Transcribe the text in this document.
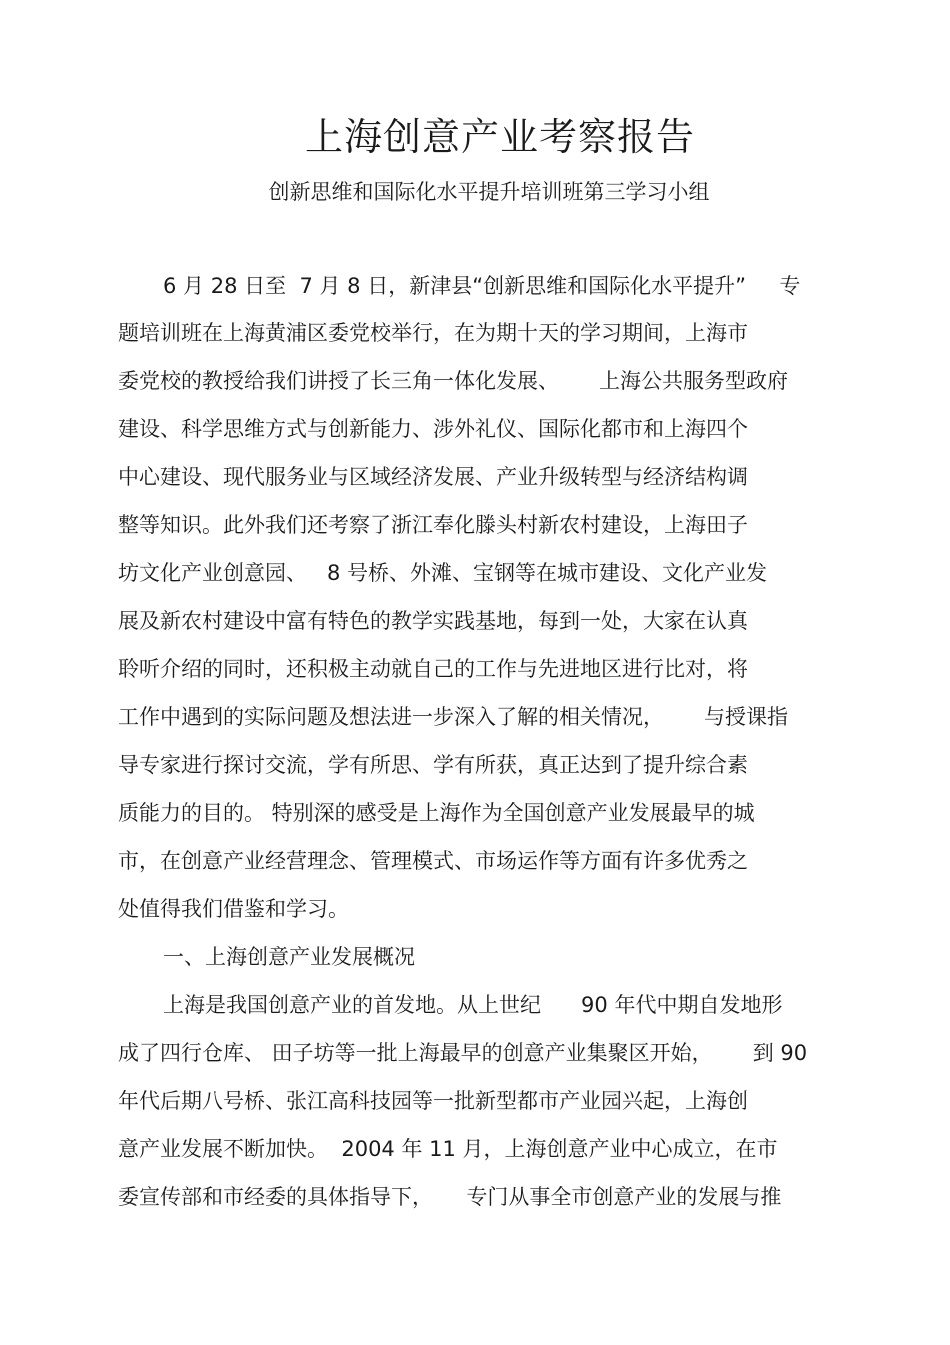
上海创意产业考察报告
创新思维和国际化水平提升培训班第三学习小组
6 月 28 日至  7 月 8 日，新津县“创新思维和国际化水平提升”     专
题培训班在上海黄浦区委党校举行，在为期十天的学习期间，上海市
委党校的教授给我们讲授了长三角一体化发展、      上海公共服务型政府
建设、科学思维方式与创新能力、涉外礼仪、国际化都市和上海四个
中心建设、现代服务业与区域经济发展、产业升级转型与经济结构调
整等知识。此外我们还考察了浙江奉化滕头村新农村建设，上海田子
坊文化产业创意园、   8 号桥、外滩、宝钢等在城市建设、文化产业发
展及新农村建设中富有特色的教学实践基地，每到一处，大家在认真
聆听介绍的同时，还积极主动就自己的工作与先进地区进行比对，将
工作中遇到的实际问题及想法进一步深入了解的相关情况，      与授课指
导专家进行探讨交流，学有所思、学有所获，真正达到了提升综合素
质能力的目的。 特别深的感受是上海作为全国创意产业发展最早的城
市，在创意产业经营理念、管理模式、市场运作等方面有许多优秀之
处值得我们借鉴和学习。
一、上海创意产业发展概况
上海是我国创意产业的首发地。从上世纪      90 年代中期自发地形
成了四行仓库、 田子坊等一批上海最早的创意产业集聚区开始，      到 90
年代后期八号桥、张江高科技园等一批新型都市产业园兴起，上海创
意产业发展不断加快。  2004 年 11 月，上海创意产业中心成立，在市
委宣传部和市经委的具体指导下，     专门从事全市创意产业的发展与推
